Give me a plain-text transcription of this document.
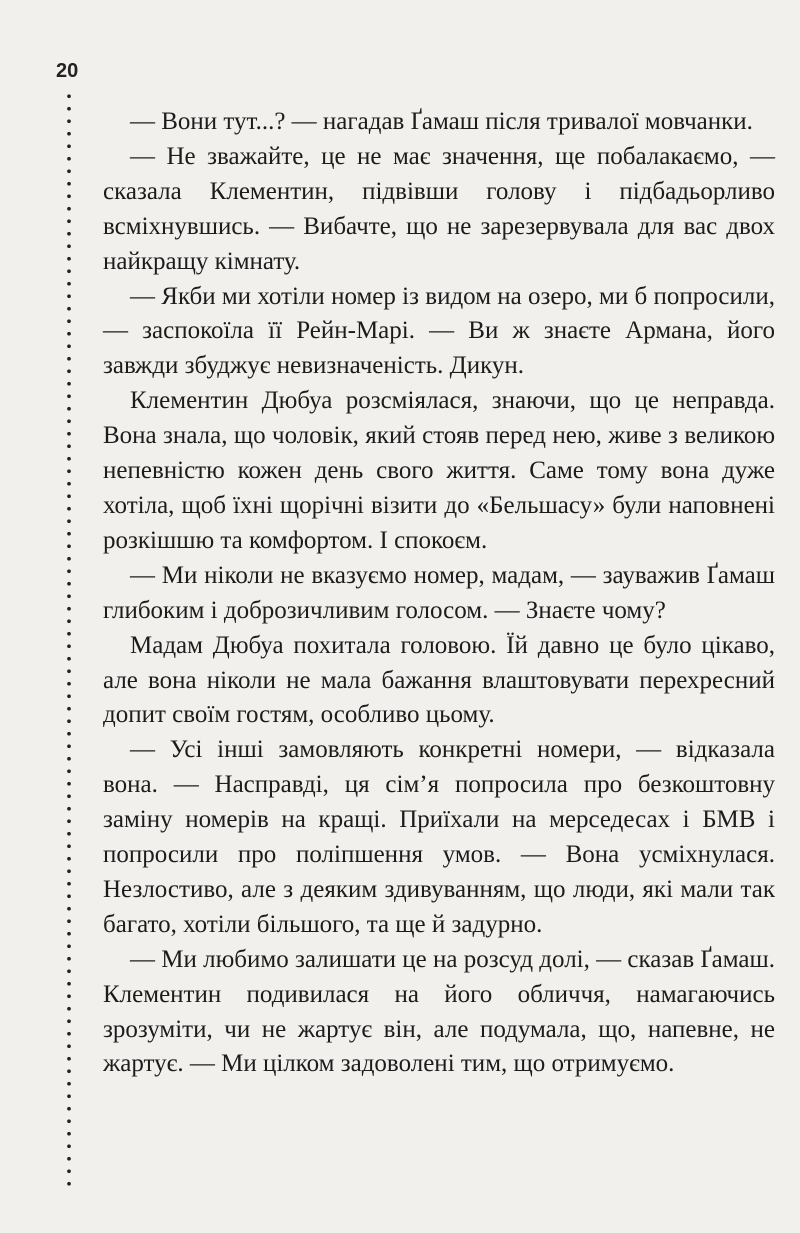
20

— Вони тут...? — нагадав Ґамаш після тривалої мовчанки.

— Не зважайте, це не має значення, ще побалакаємо, — сказала Клементин, підвівши голову і підбадьорливо всміхнувшись. — Вибачте, що не зарезервувала для вас двох найкращу кімнату.

— Якби ми хотіли номер із видом на озеро, ми б попросили, — заспокоїла її Рейн-Марі. — Ви ж знаєте Армана, його завжди збуджує невизначеність. Дикун.

Клементин Дюбуа розсміялася, знаючи, що це неправда. Вона знала, що чоловік, який стояв перед нею, живе з великою непевністю кожен день свого життя. Саме тому вона дуже хотіла, щоб їхні щорічні візити до «Бельшасу» були наповнені розкішшю та комфортом. І спокоєм.

— Ми ніколи не вказуємо номер, мадам, — зауважив Ґамаш глибоким і доброзичливим голосом. — Знаєте чому?

Мадам Дюбуа похитала головою. Їй давно це було цікаво, але вона ніколи не мала бажання влаштовувати перехресний допит своїм гостям, особливо цьому.

— Усі інші замовляють конкретні номери, — відказала вона. — Насправді, ця сім’я попросила про безкоштовну заміну номерів на кращі. Приїхали на мерседесах і БМВ і попросили про поліпшення умов. — Вона усміхнулася. Незлостиво, але з деяким здивуванням, що люди, які мали так багато, хотіли більшого, та ще й задурно.

— Ми любимо залишати це на розсуд долі, — сказав Ґамаш. Клементин подивилася на його обличчя, намагаючись зрозуміти, чи не жартує він, але подумала, що, напевне, не жартує. — Ми цілком задоволені тим, що отримуємо.
